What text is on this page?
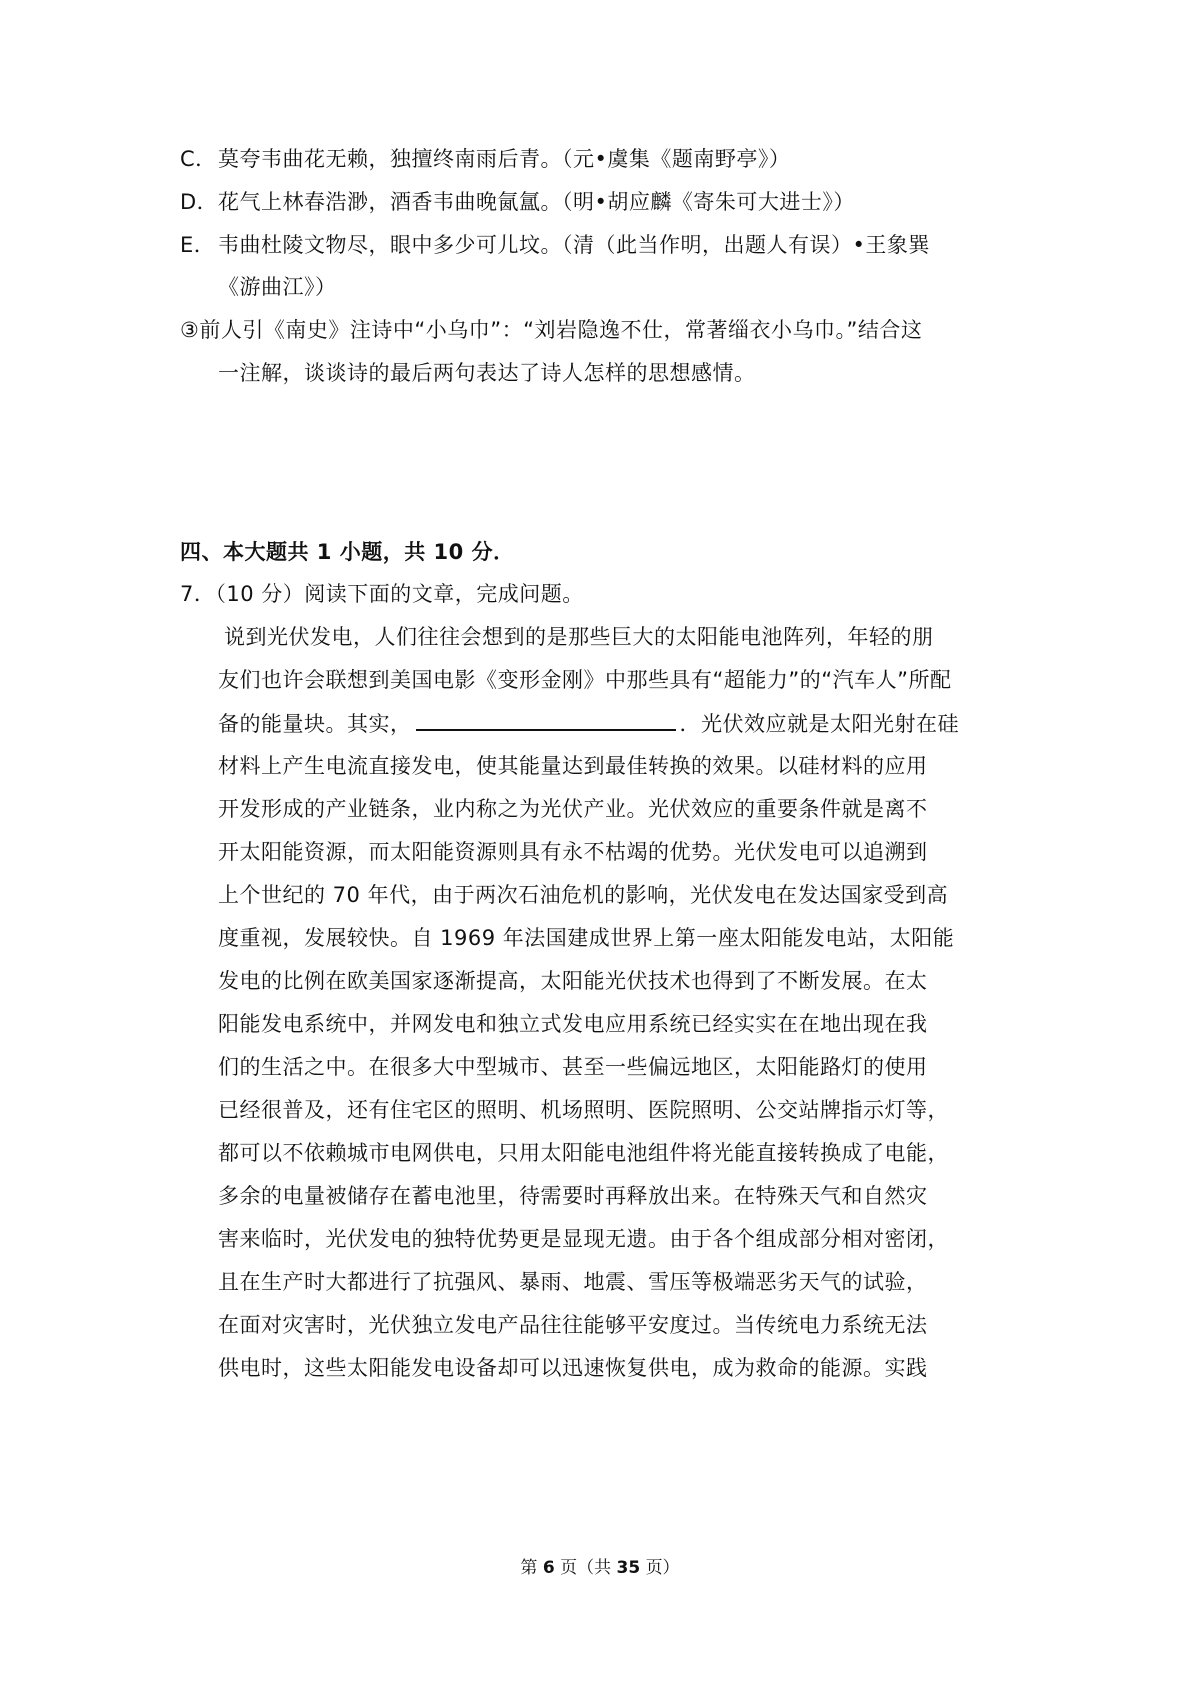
C．莫夸韦曲花无赖，独擅终南雨后青。（元•虞集《题南野亭》）
D．花气上林春浩渺，酒香韦曲晚氤氲。（明•胡应麟《寄朱可大进士》）
E． 韦曲杜陵文物尽，眼中多少可儿坟。（清（此当作明，出题人有误）•王象巽
《游曲江》）
③前人引《南史》注诗中“小乌巾”：“刘岩隐逸不仕，常著缁衣小乌巾。”结合这
一注解，谈谈诗的最后两句表达了诗人怎样的思想感情。
四、本大题共 1 小题，共 10 分．
7．（10 分）阅读下面的文章，完成问题。
说到光伏发电，人们往往会想到的是那些巨大的太阳能电池阵列，年轻的朋
友们也许会联想到美国电影《变形金刚》中那些具有“超能力”的“汽车人”所配
备的能量块。其实，	．光伏效应就是太阳光射在硅
材料上产生电流直接发电，使其能量达到最佳转换的效果。以硅材料的应用
开发形成的产业链条，业内称之为光伏产业。光伏效应的重要条件就是离不
开太阳能资源，而太阳能资源则具有永不枯竭的优势。光伏发电可以追溯到
上个世纪的 70 年代，由于两次石油危机的影响，光伏发电在发达国家受到高
度重视，发展较快。自 1969 年法国建成世界上第一座太阳能发电站，太阳能
发电的比例在欧美国家逐渐提高，太阳能光伏技术也得到了不断发展。在太
阳能发电系统中，并网发电和独立式发电应用系统已经实实在在地出现在我
们的生活之中。在很多大中型城市、甚至一些偏远地区，太阳能路灯的使用
已经很普及，还有住宅区的照明、机场照明、医院照明、公交站牌指示灯等，
都可以不依赖城市电网供电，只用太阳能电池组件将光能直接转换成了电能，
多余的电量被储存在蓄电池里，待需要时再释放出来。在特殊天气和自然灾
害来临时，光伏发电的独特优势更是显现无遗。由于各个组成部分相对密闭，
且在生产时大都进行了抗强风、暴雨、地震、雪压等极端恶劣天气的试验，
在面对灾害时，光伏独立发电产品往往能够平安度过。当传统电力系统无法
供电时，这些太阳能发电设备却可以迅速恢复供电，成为救命的能源。实践
第 6 页（共 35 页）
